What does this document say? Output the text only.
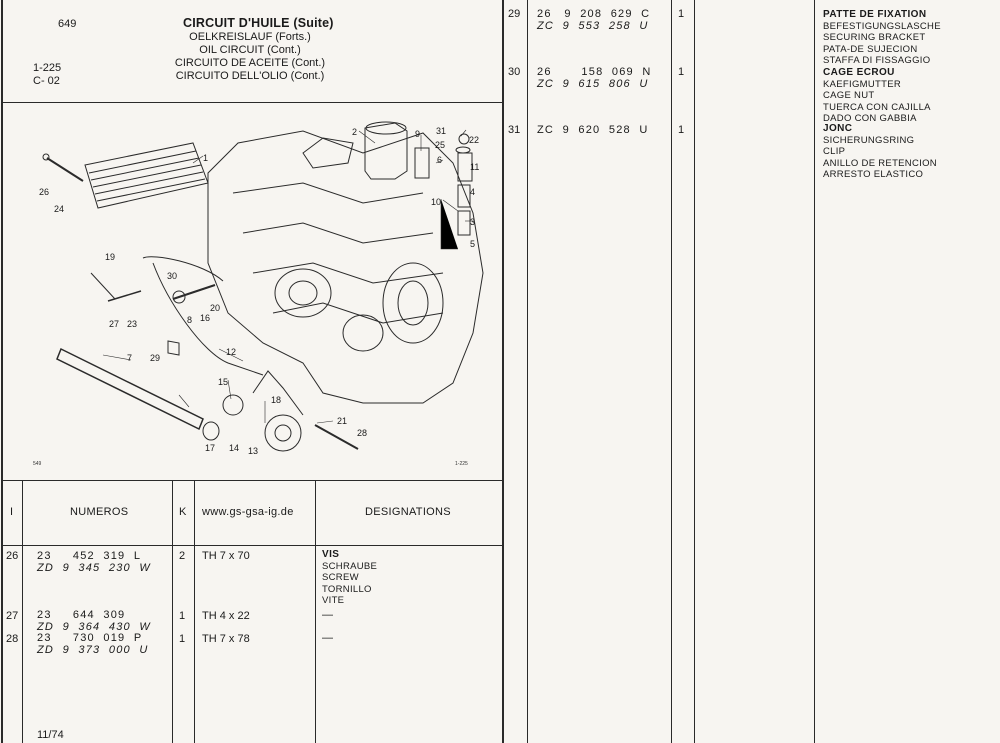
649
1-225
C- 02
CIRCUIT D'HUILE (Suite)
OELKREISLAUF (Forts.)
OIL CIRCUIT (Cont.)
CIRCUITO DE ACEITE (Cont.)
CIRCUITO DELL'OLIO (Cont.)
1
2
3
4
5
6
7
8
9
10
11
12
13
14
15
16
17
18
19
20
21
22
23
24
25
26
27
28
29
30
31
549	1-225
I	NUMEROS	K www.gs-gsa-ig.de	DESIGNATIONS
26 23     452  319  L
ZD  9  345  230  W
2 TH 7 x 70	VIS
SCHRAUBE
SCREW
TORNILLO
VITE
27 23     644  309
ZD  9  364  430  W
1 TH 4 x 22	—
28 23     730  019  P
ZD  9  373  000  U
1 TH 7 x 78	—
11/74
29 26   9  208  629  C
ZC  9  553  258  U
1	PATTE DE FIXATION
BEFESTIGUNGSLASCHE
SECURING BRACKET
PATA-DE SUJECION
STAFFA DI FISSAGGIO
30 26       158  069  N
ZC  9  615  806  U
1	CAGE ECROU
KAEFIGMUTTER
CAGE NUT
TUERCA CON CAJILLA
DADO CON GABBIA
31 ZC  9  620  528  U	1	JONC
SICHERUNGSRING
CLIP
ANILLO DE RETENCION
ARRESTO ELASTICO
